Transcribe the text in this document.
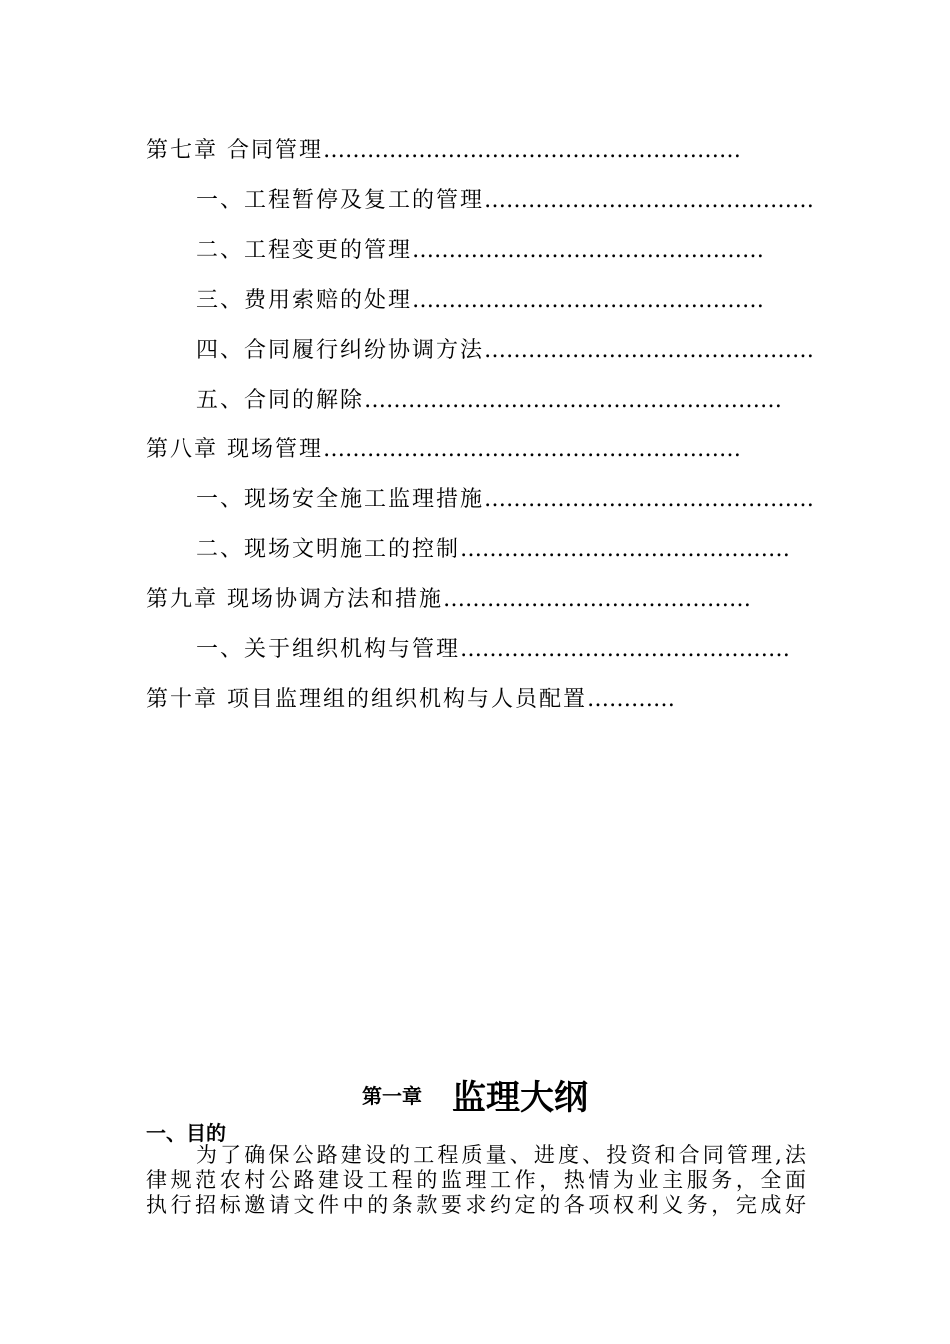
第七章 合同管理…………………………………………………
一、工程暂停及复工的管理………………………………………
二、工程变更的管理…………………………………………
三、费用索赔的处理…………………………………………
四、合同履行纠纷协调方法………………………………………
五、合同的解除…………………………………………………
第八章 现场管理…………………………………………………
一、现场安全施工监理措施………………………………………
二、现场文明施工的控制………………………………………
第九章 现场协调方法和措施……………………………………
一、关于组织机构与管理………………………………………
第十章 项目监理组的组织机构与人员配置…………
第一章 监理大纲
一、目的
为了确保公路建设的工程质量、进度、投资和合同管理,法
律规范农村公路建设工程的监理工作，热情为业主服务，全面
执行招标邀请文件中的条款要求约定的各项权利义务，完成好
